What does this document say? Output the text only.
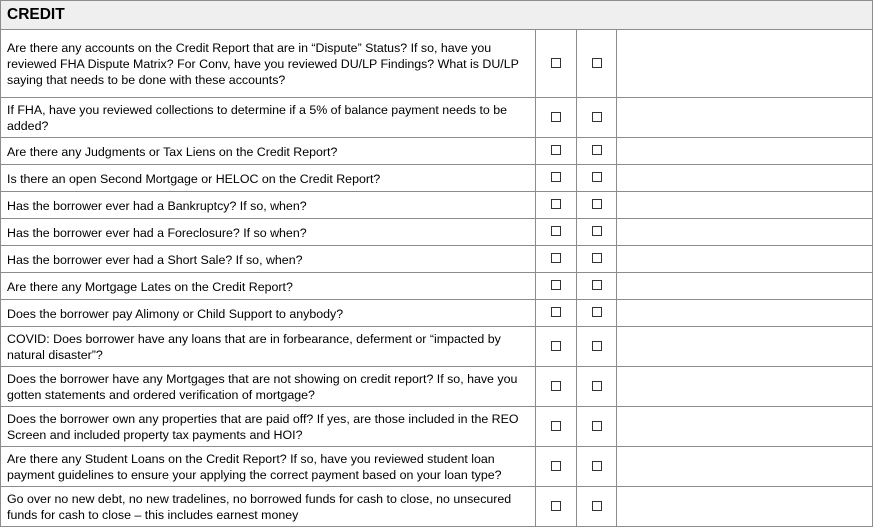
CREDIT			
Are there any accounts on the Credit Report that are in “Dispute” Status? If so, have you reviewed FHA Dispute Matrix? For Conv, have you reviewed DU/LP Findings? What is DU/LP saying that needs to be done with these accounts?			
If FHA, have you reviewed collections to determine if a 5% of balance payment needs to be added?			
Are there any Judgments or Tax Liens on the Credit Report?			
Is there an open Second Mortgage or HELOC on the Credit Report?			
Has the borrower ever had a Bankruptcy? If so, when?			
Has the borrower ever had a Foreclosure? If so when?			
Has the borrower ever had a Short Sale? If so, when?			
Are there any Mortgage Lates on the Credit Report?			
Does the borrower pay Alimony or Child Support to anybody?			
COVID: Does borrower have any loans that are in forbearance, deferment or “impacted by natural disaster”?			
Does the borrower have any Mortgages that are not showing on credit report? If so, have you gotten statements and ordered verification of mortgage?			
Does the borrower own any properties that are paid off? If yes, are those included in the REO Screen and included property tax payments and HOI?			
Are there any Student Loans on the Credit Report? If so, have you reviewed student loan payment guidelines to ensure your applying the correct payment based on your loan type?			
Go over no new debt, no new tradelines, no borrowed funds for cash to close, no unsecured funds for cash to close – this includes earnest money			
